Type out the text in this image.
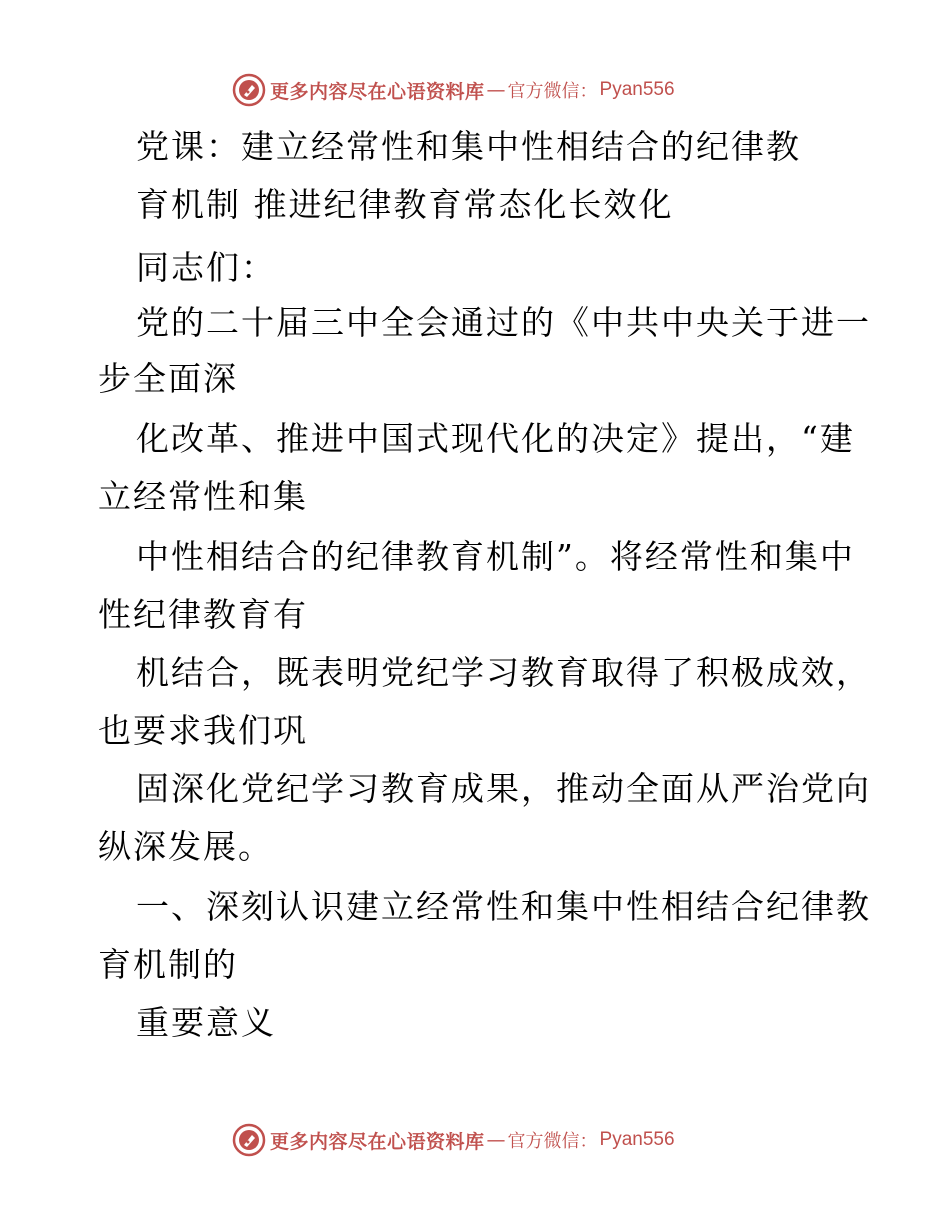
更多内容尽在心语资料库 — 官方微信： Pyan556
党课：建立经常性和集中性相结合的纪律教
育机制 推进纪律教育常态化长效化
同志们：
党的二十届三中全会通过的《中共中央关于进一
步全面深
化改革、推进中国式现代化的决定》提出，“建
立经常性和集
中性相结合的纪律教育机制”。将经常性和集中
性纪律教育有
机结合，既表明党纪学习教育取得了积极成效，
也要求我们巩
固深化党纪学习教育成果，推动全面从严治党向
纵深发展。
一、深刻认识建立经常性和集中性相结合纪律教
育机制的
重要意义
更多内容尽在心语资料库 — 官方微信： Pyan556
